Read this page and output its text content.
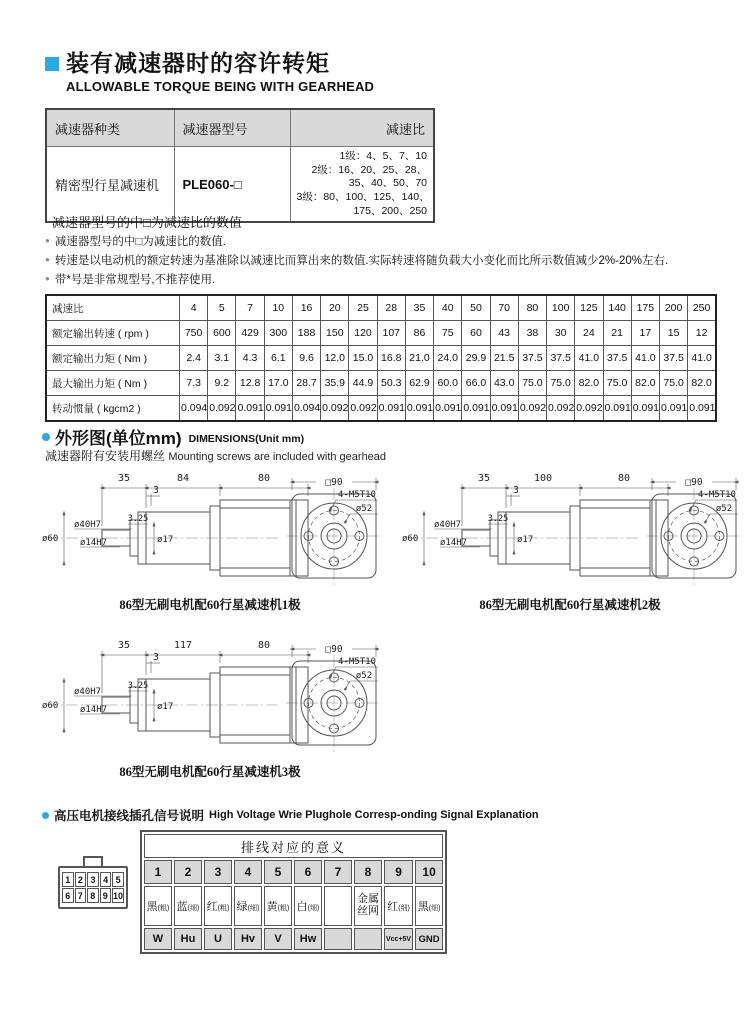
装有减速器时的容许转矩
ALLOWABLE TORQUE BEING WITH GEARHEAD
减速器种类	减速器型号	减速比
精密型行星减速机	PLE060-□	1级：4、5、7、10
2级：16、20、25、28、
35、40、50、70
3级：80、100、125、140、
175、200、250
减速器型号的中□为减速比的数值
● 减速器型号的中□为减速比的数值.
● 转速是以电动机的额定转速为基准除以减速比而算出来的数值.实际转速将随负载大小变化而比所示数值减少2%-20%左右.
● 带*号是非常规型号,不推荐使用.
减速比	4	5	7	10	16	20	25	28	35	40	50	70	80	100	125	140	175	200	250
额定输出转速 ( rpm )	750	600	429	300	188	150	120	107	86	75	60	43	38	30	24	21	17	15	12
额定输出力矩 ( Nm )	2.4	3.1	4.3	6.1	9.6	12.0	15.0	16.8	21.0	24.0	29.9	21.5	37.5	37.5	41.0	37.5	41.0	37.5	41.0
最大输出力矩 ( Nm )	7.3	9.2	12.8	17.0	28.7	35.9	44.9	50.3	62.9	60.0	66.0	43.0	75.0	75.0	82.0	75.0	82.0	75.0	82.0
转动惯量 ( kgcm2 )	0.094	0.092	0.091	0.091	0.094	0.092	0.092	0.091	0.091	0.091	0.091	0.091	0.092	0.092	0.092	0.091	0.091	0.091	0.091
外形图(单位mm) DIMENSIONS(Unit mm)
减速器附有安装用螺丝 Mounting screws are included with gearhead
35	84	80
3
3.25
ø40H7
ø14H7
ø60	ø17
□90
4-M5T10
ø52
86型无刷电机配60行星减速机1极
35	100	80
3
3.25
ø40H7
ø14H7
ø60	ø17
□90
4-M5T10
ø52
86型无刷电机配60行星减速机2极
35	117	80
3
3.25
ø40H7
ø14H7
ø60	ø17
□90
4-M5T10
ø52
86型无刷电机配60行星减速机3极
高压电机接线插孔信号说明 High Voltage Wrie Plughole Corresp-onding Signal Explanation
1 2 3 4 5
6 7 8 9 10
排线对应的意义									
1	2	3	4	5	6	7	8	9	10
黑(粗)	蓝(细)	红(粗)	绿(细)	黄(粗)	白(细)		金属丝网	红(细)	黑(细)
W	Hu	U	Hv	V	Hw			Vcc+5V	GND
